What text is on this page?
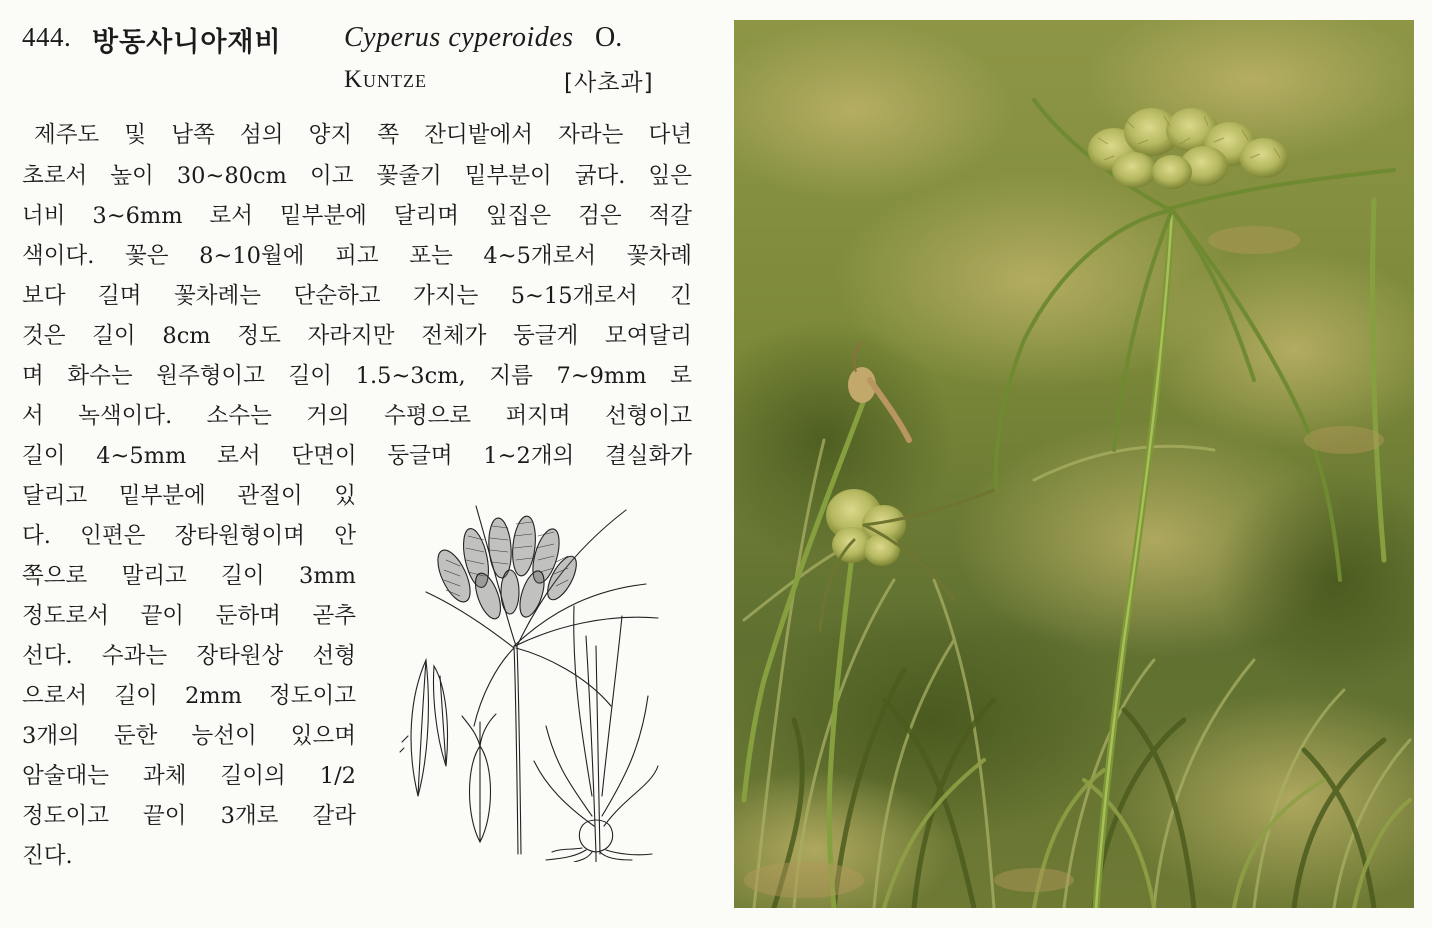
444. 방동사니아재비 Cyperus cyperoides O.
Kuntze	[사초과]
제주도 및 남쪽 섬의 양지 쪽 잔디밭에서 자라는 다년
초로서 높이 30~80cm 이고 꽃줄기 밑부분이 굵다. 잎은
너비 3~6mm 로서 밑부분에 달리며 잎집은 검은 적갈
색이다. 꽃은 8~10월에 피고 포는 4~5개로서 꽃차례
보다 길며 꽃차례는 단순하고 가지는 5~15개로서 긴
것은 길이 8cm 정도 자라지만 전체가 둥글게 모여달리
며 화수는 원주형이고 길이 1.5~3cm, 지름 7~9mm 로
서 녹색이다. 소수는 거의 수평으로 퍼지며 선형이고
길이 4~5mm 로서 단면이 둥글며 1~2개의 결실화가
달리고 밑부분에 관절이 있
다. 인편은 장타원형이며 안
쪽으로 말리고 길이 3mm
정도로서 끝이 둔하며 곧추
선다. 수과는 장타원상 선형
으로서 길이 2mm 정도이고
3개의 둔한 능선이 있으며
암술대는 과체 길이의 1/2
정도이고 끝이 3개로 갈라
진다.
